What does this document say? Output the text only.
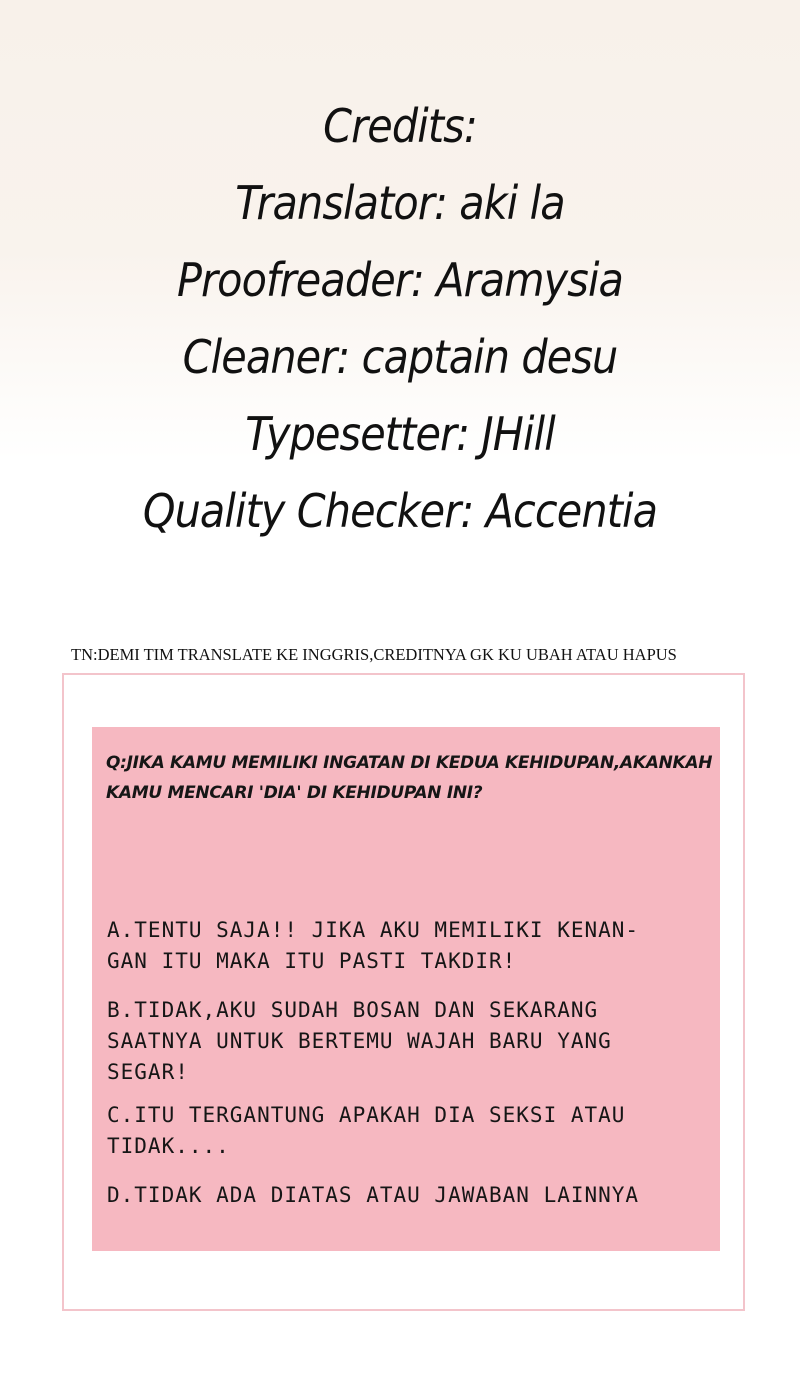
Credits:
Translator: aki la
Proofreader: Aramysia
Cleaner: captain desu
Typesetter: JHill
Quality Checker: Accentia
TN:DEMI TIM TRANSLATE KE INGGRIS,CREDITNYA GK KU UBAH ATAU HAPUS
Q:JIKA KAMU MEMILIKI INGATAN DI KEDUA KEHIDUPAN,AKANKAH KAMU MENCARI 'DIA' DI KEHIDUPAN INI?
A.TENTU SAJA!! JIKA AKU MEMILIKI KENAN-
GAN ITU MAKA ITU PASTI TAKDIR!
B.TIDAK,AKU SUDAH BOSAN DAN SEKARANG
SAATNYA UNTUK BERTEMU WAJAH BARU YANG
SEGAR!
C.ITU TERGANTUNG APAKAH DIA SEKSI ATAU
TIDAK....
D.TIDAK ADA DIATAS ATAU JAWABAN LAINNYA
